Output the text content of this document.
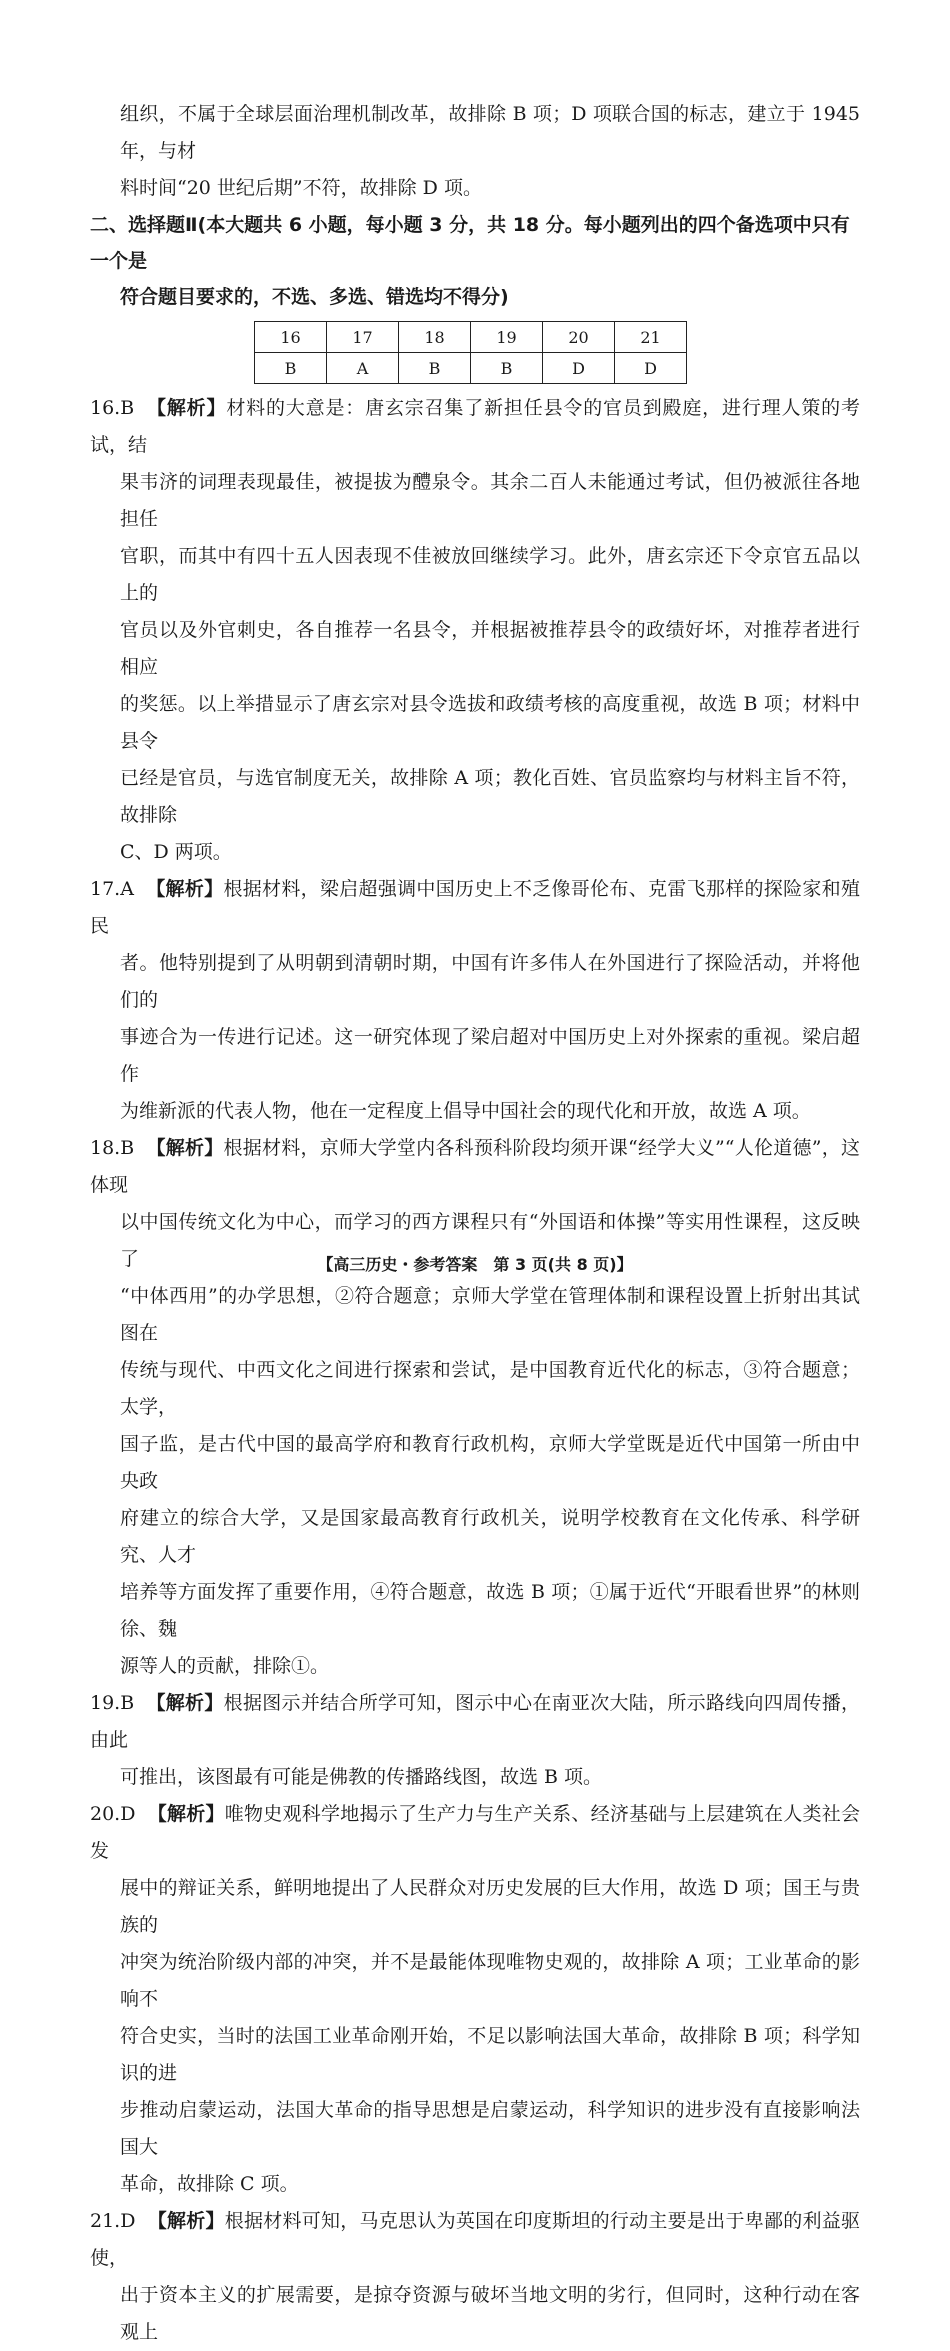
组织，不属于全球层面治理机制改革，故排除 B 项；D 项联合国的标志，建立于 1945 年，与材

料时间“20 世纪后期”不符，故排除 D 项。

二、选择题Ⅱ(本大题共 6 小题，每小题 3 分，共 18 分。每小题列出的四个备选项中只有一个是

符合题目要求的，不选、多选、错选均不得分)

16	17	18	19	20	21
B	A	B	B	D	D

16.B 【解析】材料的大意是：唐玄宗召集了新担任县令的官员到殿庭，进行理人策的考试，结

果韦济的词理表现最佳，被提拔为醴泉令。其余二百人未能通过考试，但仍被派往各地担任

官职，而其中有四十五人因表现不佳被放回继续学习。此外，唐玄宗还下令京官五品以上的

官员以及外官刺史，各自推荐一名县令，并根据被推荐县令的政绩好坏，对推荐者进行相应

的奖惩。以上举措显示了唐玄宗对县令选拔和政绩考核的高度重视，故选 B 项；材料中县令

已经是官员，与选官制度无关，故排除 A 项；教化百姓、官员监察均与材料主旨不符，故排除

C、D 两项。

17.A 【解析】根据材料，梁启超强调中国历史上不乏像哥伦布、克雷飞那样的探险家和殖民

者。他特别提到了从明朝到清朝时期，中国有许多伟人在外国进行了探险活动，并将他们的

事迹合为一传进行记述。这一研究体现了梁启超对中国历史上对外探索的重视。梁启超作

为维新派的代表人物，他在一定程度上倡导中国社会的现代化和开放，故选 A 项。

18.B 【解析】根据材料，京师大学堂内各科预科阶段均须开课“经学大义”“人伦道德”，这体现

以中国传统文化为中心，而学习的西方课程只有“外国语和体操”等实用性课程，这反映了

“中体西用”的办学思想，②符合题意；京师大学堂在管理体制和课程设置上折射出其试图在

传统与现代、中西文化之间进行探索和尝试，是中国教育近代化的标志，③符合题意；太学，

国子监，是古代中国的最高学府和教育行政机构，京师大学堂既是近代中国第一所由中央政

府建立的综合大学，又是国家最高教育行政机关，说明学校教育在文化传承、科学研究、人才

培养等方面发挥了重要作用，④符合题意，故选 B 项；①属于近代“开眼看世界”的林则徐、魏

源等人的贡献，排除①。

19.B 【解析】根据图示并结合所学可知，图示中心在南亚次大陆，所示路线向四周传播，由此

可推出，该图最有可能是佛教的传播路线图，故选 B 项。

20.D 【解析】唯物史观科学地揭示了生产力与生产关系、经济基础与上层建筑在人类社会发

展中的辩证关系，鲜明地提出了人民群众对历史发展的巨大作用，故选 D 项；国王与贵族的

冲突为统治阶级内部的冲突，并不是最能体现唯物史观的，故排除 A 项；工业革命的影响不

符合史实，当时的法国工业革命刚开始，不足以影响法国大革命，故排除 B 项；科学知识的进

步推动启蒙运动，法国大革命的指导思想是启蒙运动，科学知识的进步没有直接影响法国大

革命，故排除 C 项。

21.D 【解析】根据材料可知，马克思认为英国在印度斯坦的行动主要是出于卑鄙的利益驱使，

出于资本主义的扩展需要，是掠夺资源与破坏当地文明的劣行，但同时，这种行动在客观上

【高三历史・参考答案　第 3 页(共 8 页)】
